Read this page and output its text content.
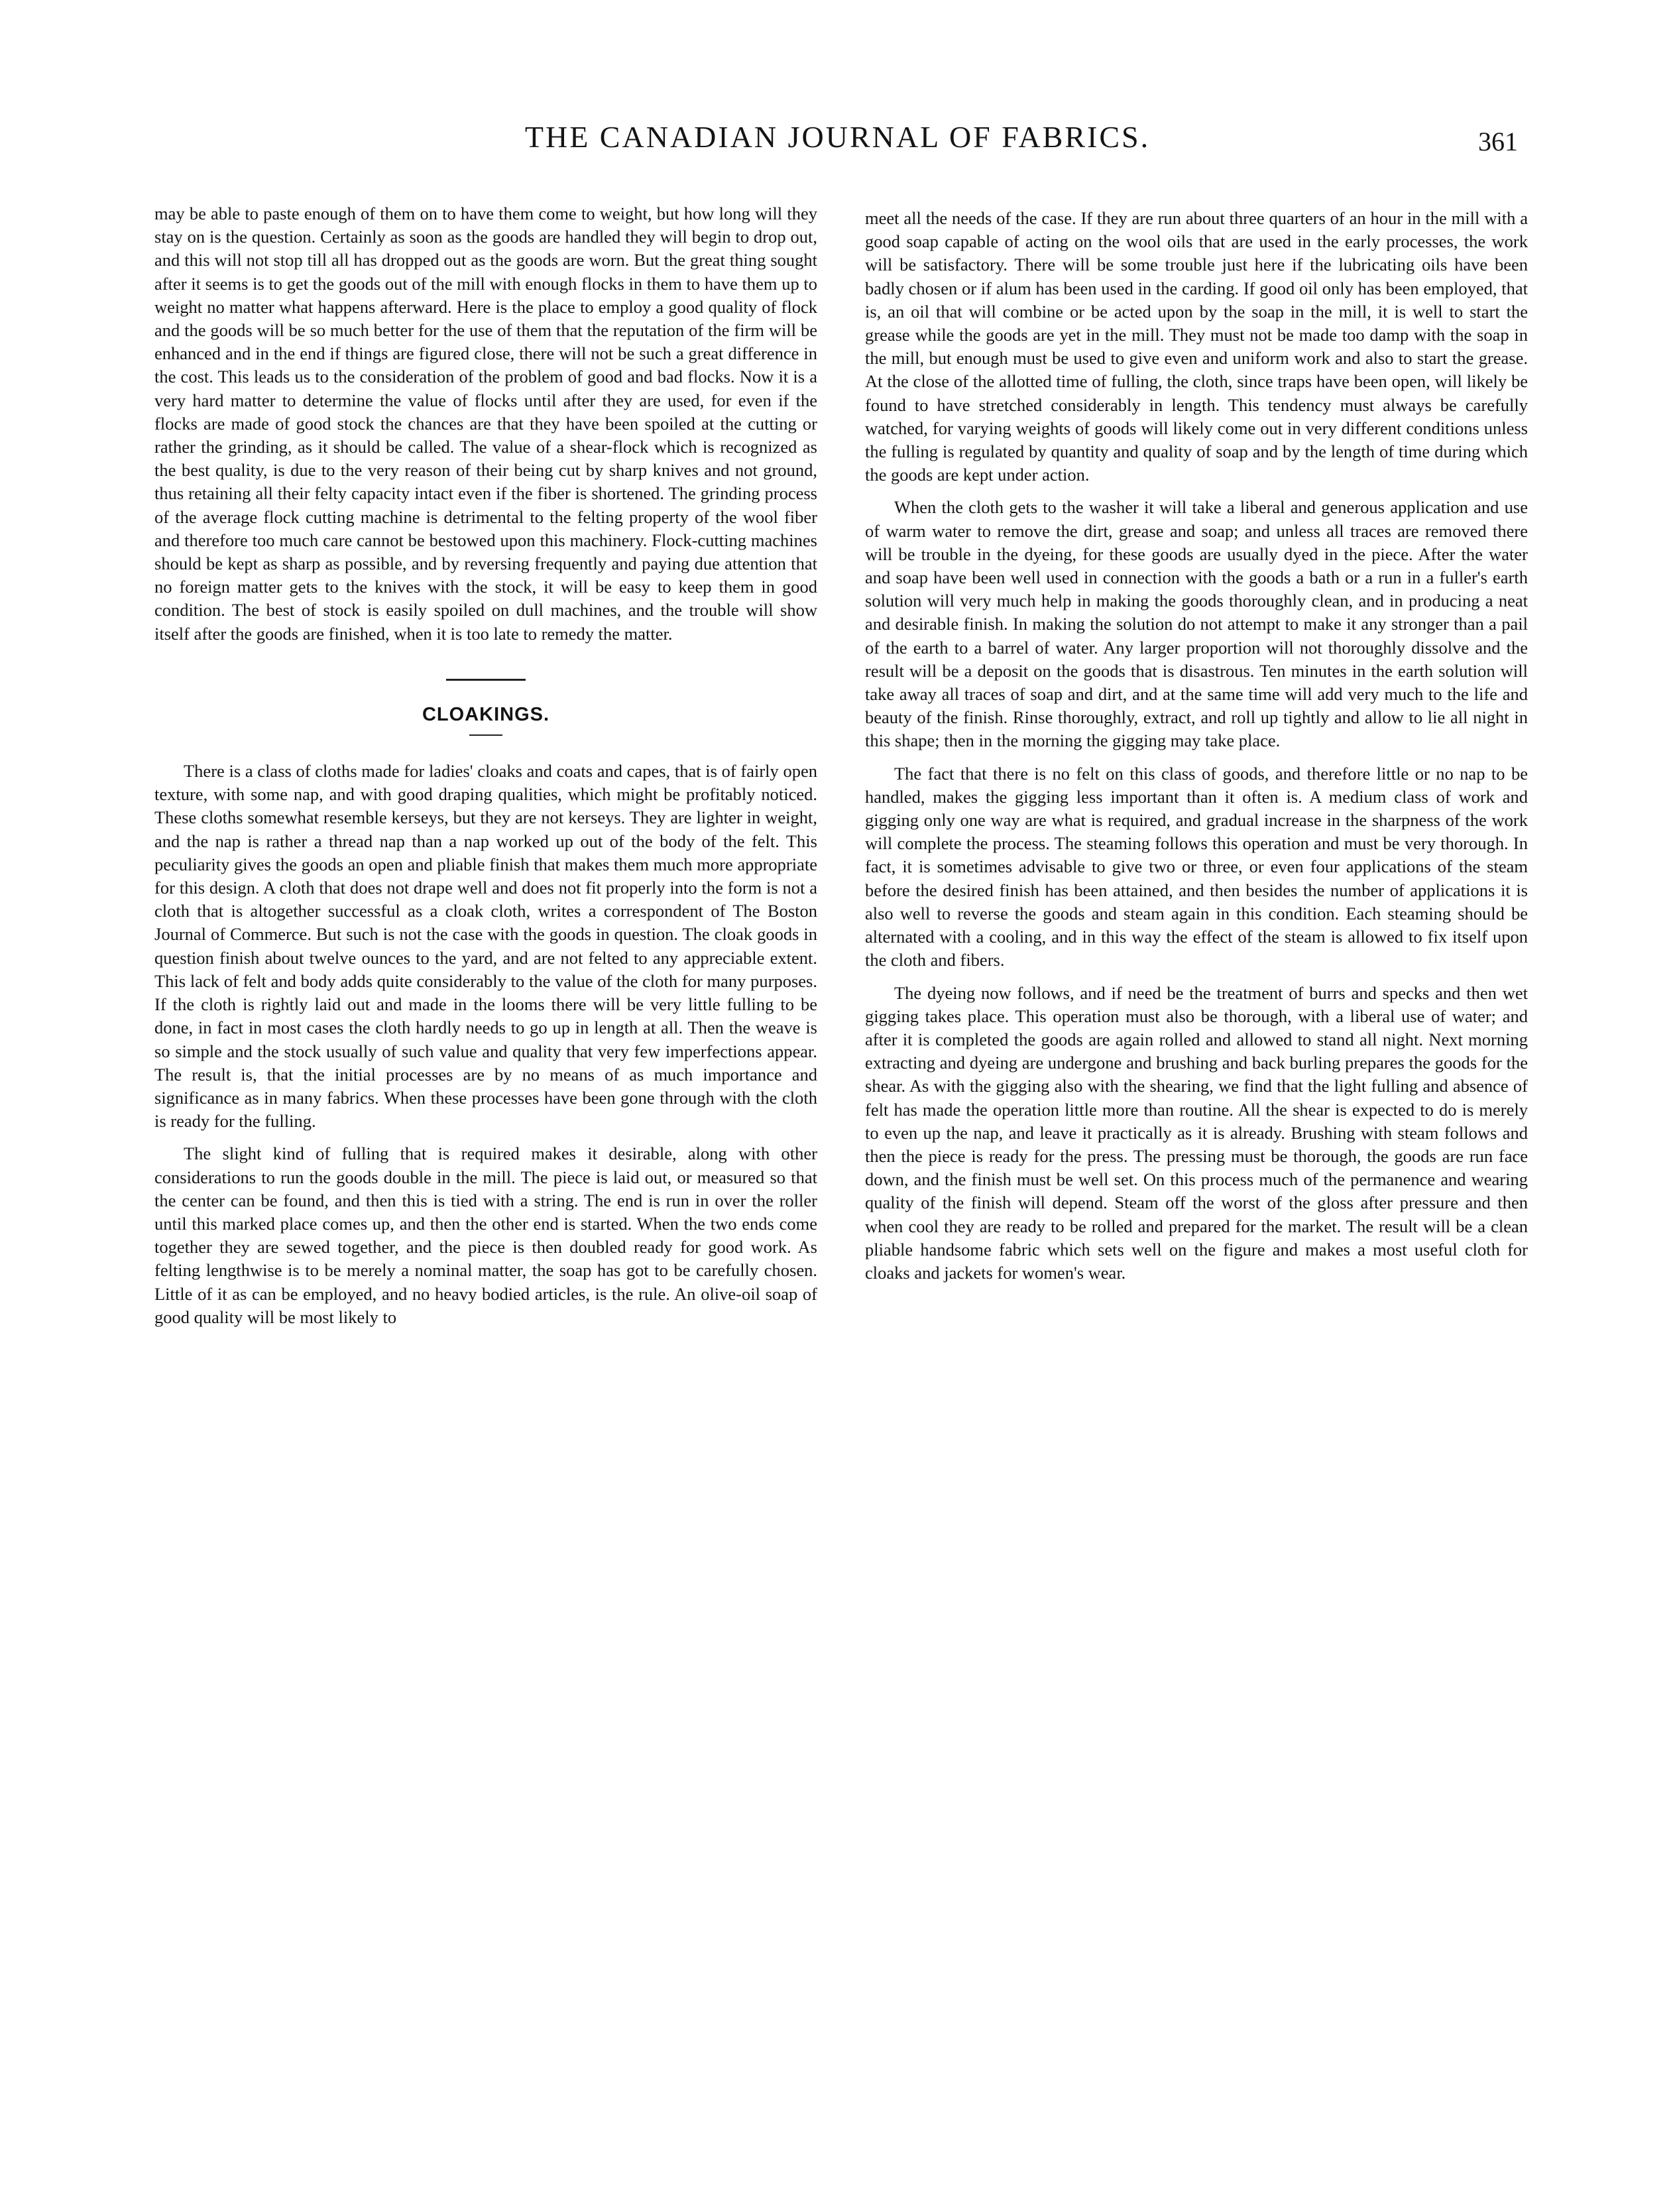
THE CANADIAN JOURNAL OF FABRICS.	361

may be able to paste enough of them on to have them come to weight, but how long will they stay on is the question. Certainly as soon as the goods are handled they will begin to drop out, and this will not stop till all has dropped out as the goods are worn. But the great thing sought after it seems is to get the goods out of the mill with enough flocks in them to have them up to weight no matter what happens afterward. Here is the place to employ a good quality of flock and the goods will be so much better for the use of them that the reputation of the firm will be enhanced and in the end if things are figured close, there will not be such a great difference in the cost. This leads us to the consideration of the problem of good and bad flocks. Now it is a very hard matter to determine the value of flocks until after they are used, for even if the flocks are made of good stock the chances are that they have been spoiled at the cutting or rather the grinding, as it should be called. The value of a shear-flock which is recognized as the best quality, is due to the very reason of their being cut by sharp knives and not ground, thus retaining all their felty capacity intact even if the fiber is shortened. The grinding process of the average flock cutting machine is detrimental to the felting property of the wool fiber and therefore too much care cannot be bestowed upon this machinery. Flock-cutting machines should be kept as sharp as possible, and by reversing frequently and paying due attention that no foreign matter gets to the knives with the stock, it will be easy to keep them in good condition. The best of stock is easily spoiled on dull machines, and the trouble will show itself after the goods are finished, when it is too late to remedy the matter.

CLOAKINGS.

There is a class of cloths made for ladies' cloaks and coats and capes, that is of fairly open texture, with some nap, and with good draping qualities, which might be profitably noticed. These cloths somewhat resemble kerseys, but they are not kerseys. They are lighter in weight, and the nap is rather a thread nap than a nap worked up out of the body of the felt. This peculiarity gives the goods an open and pliable finish that makes them much more appropriate for this design. A cloth that does not drape well and does not fit properly into the form is not a cloth that is altogether successful as a cloak cloth, writes a correspondent of The Boston Journal of Commerce. But such is not the case with the goods in question. The cloak goods in question finish about twelve ounces to the yard, and are not felted to any appreciable extent. This lack of felt and body adds quite considerably to the value of the cloth for many purposes. If the cloth is rightly laid out and made in the looms there will be very little fulling to be done, in fact in most cases the cloth hardly needs to go up in length at all. Then the weave is so simple and the stock usually of such value and quality that very few imperfections appear. The result is, that the initial processes are by no means of as much importance and significance as in many fabrics. When these processes have been gone through with the cloth is ready for the fulling.

The slight kind of fulling that is required makes it desirable, along with other considerations to run the goods double in the mill. The piece is laid out, or measured so that the center can be found, and then this is tied with a string. The end is run in over the roller until this marked place comes up, and then the other end is started. When the two ends come together they are sewed together, and the piece is then doubled ready for good work. As felting lengthwise is to be merely a nominal matter, the soap has got to be carefully chosen. Little of it as can be employed, and no heavy bodied articles, is the rule. An olive-oil soap of good quality will be most likely to

meet all the needs of the case. If they are run about three quarters of an hour in the mill with a good soap capable of acting on the wool oils that are used in the early processes, the work will be satisfactory. There will be some trouble just here if the lubricating oils have been badly chosen or if alum has been used in the carding. If good oil only has been employed, that is, an oil that will combine or be acted upon by the soap in the mill, it is well to start the grease while the goods are yet in the mill. They must not be made too damp with the soap in the mill, but enough must be used to give even and uniform work and also to start the grease. At the close of the allotted time of fulling, the cloth, since traps have been open, will likely be found to have stretched considerably in length. This tendency must always be carefully watched, for varying weights of goods will likely come out in very different conditions unless the fulling is regulated by quantity and quality of soap and by the length of time during which the goods are kept under action.

When the cloth gets to the washer it will take a liberal and generous application and use of warm water to remove the dirt, grease and soap; and unless all traces are removed there will be trouble in the dyeing, for these goods are usually dyed in the piece. After the water and soap have been well used in connection with the goods a bath or a run in a fuller's earth solution will very much help in making the goods thoroughly clean, and in producing a neat and desirable finish. In making the solution do not attempt to make it any stronger than a pail of the earth to a barrel of water. Any larger proportion will not thoroughly dissolve and the result will be a deposit on the goods that is disastrous. Ten minutes in the earth solution will take away all traces of soap and dirt, and at the same time will add very much to the life and beauty of the finish. Rinse thoroughly, extract, and roll up tightly and allow to lie all night in this shape; then in the morning the gigging may take place.

The fact that there is no felt on this class of goods, and therefore little or no nap to be handled, makes the gigging less important than it often is. A medium class of work and gigging only one way are what is required, and gradual increase in the sharpness of the work will complete the process. The steaming follows this operation and must be very thorough. In fact, it is sometimes advisable to give two or three, or even four applications of the steam before the desired finish has been attained, and then besides the number of applications it is also well to reverse the goods and steam again in this condition. Each steaming should be alternated with a cooling, and in this way the effect of the steam is allowed to fix itself upon the cloth and fibers.

The dyeing now follows, and if need be the treatment of burrs and specks and then wet gigging takes place. This operation must also be thorough, with a liberal use of water; and after it is completed the goods are again rolled and allowed to stand all night. Next morning extracting and dyeing are undergone and brushing and back burling prepares the goods for the shear. As with the gigging also with the shearing, we find that the light fulling and absence of felt has made the operation little more than routine. All the shear is expected to do is merely to even up the nap, and leave it practically as it is already. Brushing with steam follows and then the piece is ready for the press. The pressing must be thorough, the goods are run face down, and the finish must be well set. On this process much of the permanence and wearing quality of the finish will depend. Steam off the worst of the gloss after pressure and then when cool they are ready to be rolled and prepared for the market. The result will be a clean pliable handsome fabric which sets well on the figure and makes a most useful cloth for cloaks and jackets for women's wear.
